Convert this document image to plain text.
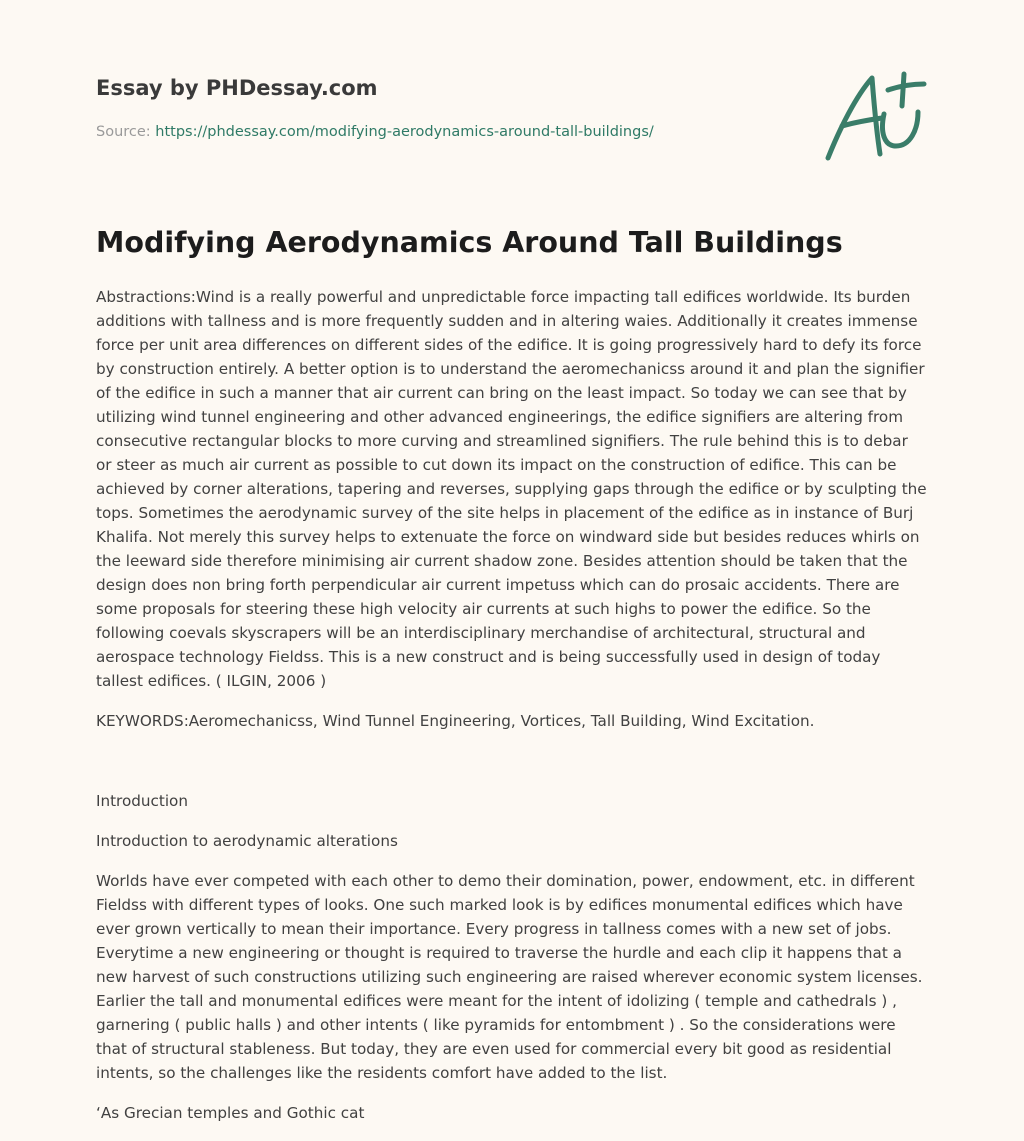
Essay by PHDessay.com
Source: https://phdessay.com/modifying-aerodynamics-around-tall-buildings/
Modifying Aerodynamics Around Tall Buildings

Abstractions:Wind is a really powerful and unpredictable force impacting tall edifices worldwide. Its burden additions with tallness and is more frequently sudden and in altering waies. Additionally it creates immense force per unit area differences on different sides of the edifice. It is going progressively hard to defy its force by construction entirely. A better option is to understand the aeromechanicss around it and plan the signifier of the edifice in such a manner that air current can bring on the least impact. So today we can see that by utilizing wind tunnel engineering and other advanced engineerings, the edifice signifiers are altering from consecutive rectangular blocks to more curving and streamlined signifiers. The rule behind this is to debar or steer as much air current as possible to cut down its impact on the construction of edifice. This can be achieved by corner alterations, tapering and reverses, supplying gaps through the edifice or by sculpting the tops. Sometimes the aerodynamic survey of the site helps in placement of the edifice as in instance of Burj Khalifa. Not merely this survey helps to extenuate the force on windward side but besides reduces whirls on the leeward side therefore minimising air current shadow zone. Besides attention should be taken that the design does non bring forth perpendicular air current impetuss which can do prosaic accidents. There are some proposals for steering these high velocity air currents at such highs to power the edifice. So the following coevals skyscrapers will be an interdisciplinary merchandise of architectural, structural and aerospace technology Fieldss. This is a new construct and is being successfully used in design of today tallest edifices. ( ILGIN, 2006 )

KEYWORDS:Aeromechanicss, Wind Tunnel Engineering, Vortices, Tall Building, Wind Excitation.

Introduction

Introduction to aerodynamic alterations

Worlds have ever competed with each other to demo their domination, power, endowment, etc. in different Fieldss with different types of looks. One such marked look is by edifices monumental edifices which have ever grown vertically to mean their importance. Every progress in tallness comes with a new set of jobs. Everytime a new engineering or thought is required to traverse the hurdle and each clip it happens that a new harvest of such constructions utilizing such engineering are raised wherever economic system licenses. Earlier the tall and monumental edifices were meant for the intent of idolizing ( temple and cathedrals ) , garnering ( public halls ) and other intents ( like pyramids for entombment ) . So the considerations were that of structural stableness. But today, they are even used for commercial every bit good as residential intents, so the challenges like the residents comfort have added to the list.

‘As Grecian temples and Gothic cat
